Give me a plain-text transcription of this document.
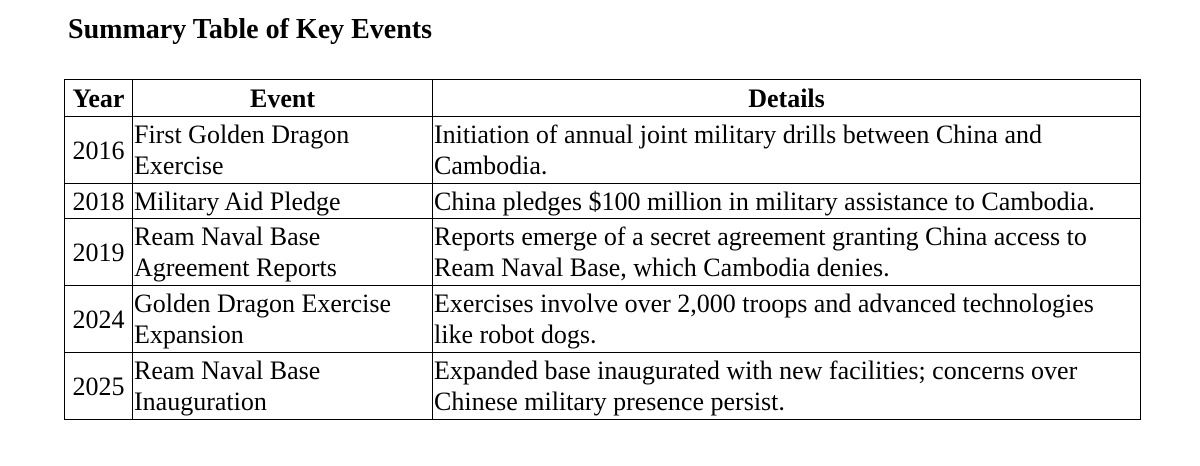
Summary Table of Key Events
Year	Event	Details
2016	First Golden Dragon Exercise	Initiation of annual joint military drills between China and Cambodia.
2018	Military Aid Pledge	China pledges $100 million in military assistance to Cambodia.
2019	Ream Naval Base Agreement Reports	Reports emerge of a secret agreement granting China access to Ream Naval Base, which Cambodia denies.
2024	Golden Dragon Exercise Expansion	Exercises involve over 2,000 troops and advanced technologies like robot dogs.
2025	Ream Naval Base Inauguration	Expanded base inaugurated with new facilities; concerns over Chinese military presence persist.
